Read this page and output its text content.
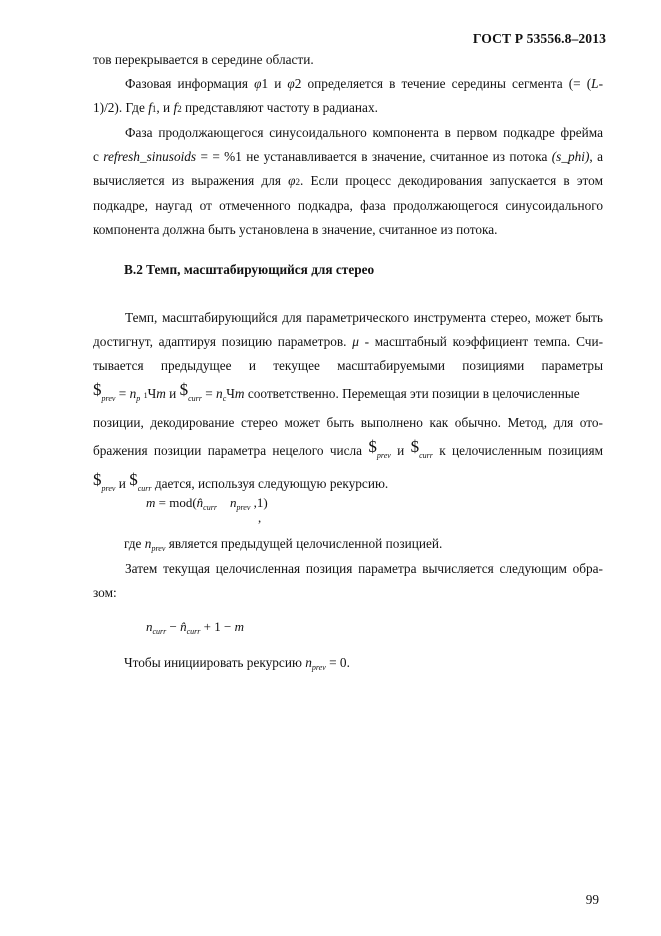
ГОСТ Р 53556.8–2013
тов перекрывается в середине области.
Фазовая информация φ1 и φ2 определяется в течение середины сегмента (= (L-
1)/2). Где f1, и f2 представляют частоту в радианах.
Фаза продолжающегося синусоидального компонента в первом подкадре фрейма
c refresh_sinusoids = = %1 не устанавливается в значение, считанное из потока (s_phi), а
вычисляется из выражения для φ2. Если процесс декодирования запускается в этом
подкадре, наугад от отмеченного подкадра, фаза продолжающегося синусоидального
компонента должна быть установлена в значение, считанное из потока.
B.2 Темп, масштабирующийся для стерео
Темп, масштабирующийся для параметрического инструмента стерео, может быть
достигнут, адаптируя позицию параметров. μ - масштабный коэффициент темпа. Счи-
тывается предыдущее и текущее масштабируемыми позициями параметры
$\$_{prev} = n_p$ 1Чm и $\$_{curr} = n_cЧm$ соответственно. Перемещая эти позиции в целочисленные
позиции, декодирование стерео может быть выполнено как обычно. Метод, для ото-
бражения позиции параметра нецелого числа $\$_{prev}$ и $\$_{curr}$ к целочисленным позициям
$\$_{prev}$ и $\$_{curr}$ дается, используя следующую рекурсию.
$m = mod(n̂_{curr}$ $n_{prev}$ ,1)
,
где $n_{prev}$ является предыдущей целочисленной позицией.
Затем текущая целочисленная позиция параметра вычисляется следующим обра-
зом:
$n_{curr}$ − $n̂_{curr} + 1 - m$
Чтобы инициировать рекурсию $n_{prev} = 0$.
99
